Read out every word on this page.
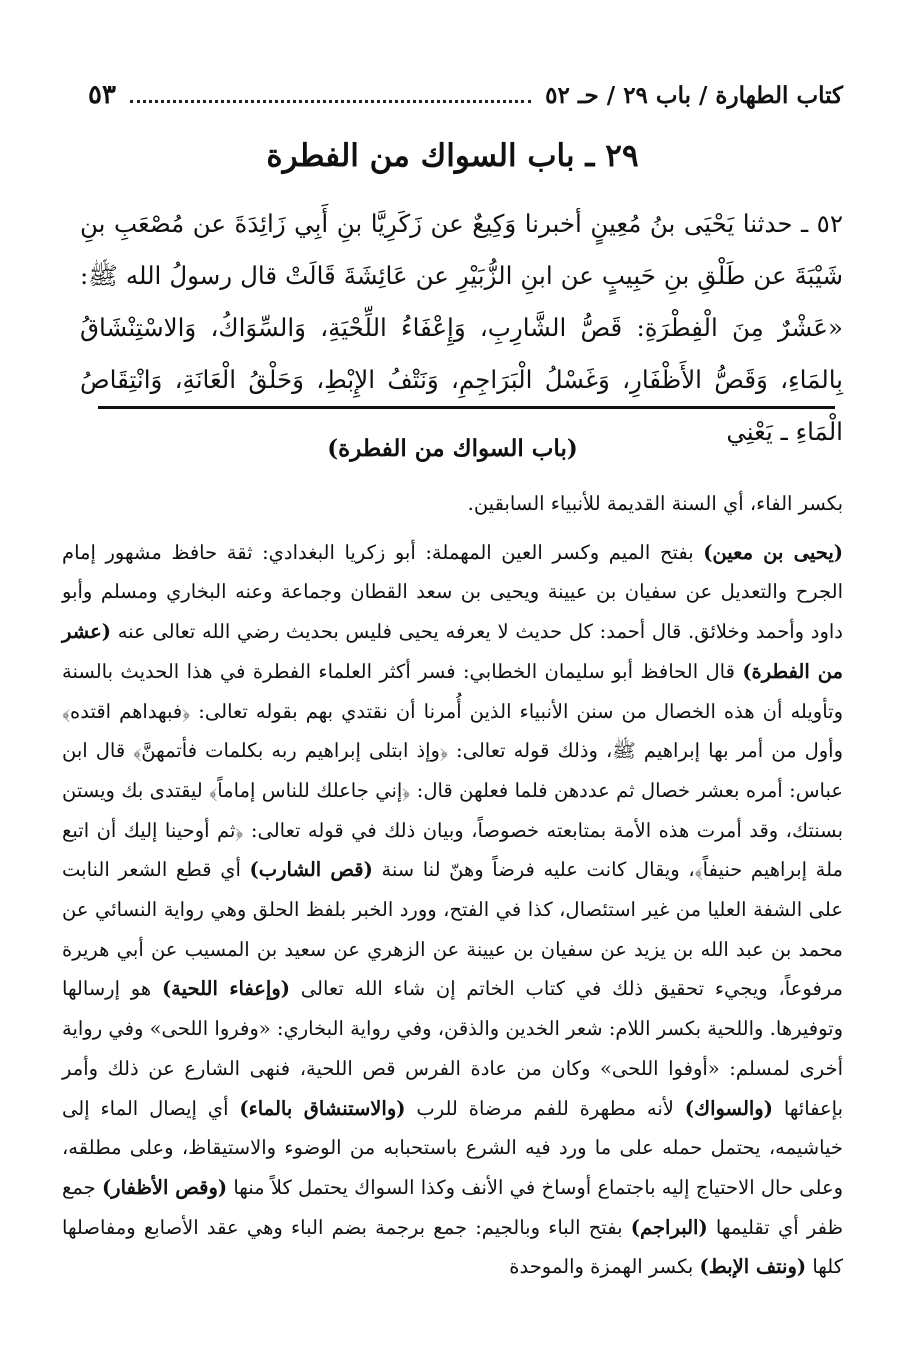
كتاب الطهارة / باب ٢٩ / حـ ٥٢
٥٣
٢٩ ـ باب السواك من الفطرة
٥٢ ـ حدثنا يَحْيَى بنُ مُعِينٍ أخبرنا وَكِيعٌ عن زَكَرِيَّا بنِ أَبِي زَائِدَةَ عن مُصْعَبِ بنِ شَيْبَةَ عن طَلْقِ بنِ حَبِيبٍ عن ابنِ الزُّبَيْرِ عن عَائِشَةَ قَالَتْ قال رسولُ الله ﷺ: «عَشْرٌ مِنَ الْفِطْرَةِ: قَصُّ الشَّارِبِ، وَإِعْفَاءُ اللِّحْيَةِ، وَالسِّوَاكُ، وَالاسْتِنْشَاقُ بِالمَاءِ، وَقَصُّ الأَظْفَارِ، وَغَسْلُ الْبَرَاجِمِ، وَنَتْفُ الإِبْطِ، وَحَلْقُ الْعَانَةِ، وَانْتِقَاصُ الْمَاءِ ـ يَعْنِي
(باب السواك من الفطرة)

بكسر الفاء، أي السنة القديمة للأنبياء السابقين.

(يحيى بن معين) بفتح الميم وكسر العين المهملة: أبو زكريا البغدادي: ثقة حافظ مشهور إمام الجرح والتعديل عن سفيان بن عيينة ويحيى بن سعد القطان وجماعة وعنه البخاري ومسلم وأبو داود وأحمد وخلائق. قال أحمد: كل حديث لا يعرفه يحيى فليس بحديث رضي الله تعالى عنه (عشر من الفطرة) قال الحافظ أبو سليمان الخطابي: فسر أكثر العلماء الفطرة في هذا الحديث بالسنة وتأويله أن هذه الخصال من سنن الأنبياء الذين أُمرنا أن نقتدي بهم بقوله تعالى: ﴿فبهداهم اقتده﴾ وأول من أمر بها إبراهيم ﷺ، وذلك قوله تعالى: ﴿وإذ ابتلى إبراهيم ربه بكلمات فأتمهنَّ﴾ قال ابن عباس: أمره بعشر خصال ثم عددهن فلما فعلهن قال: ﴿إني جاعلك للناس إماماً﴾ ليقتدى بك ويستن بسنتك، وقد أمرت هذه الأمة بمتابعته خصوصاً، وبيان ذلك في قوله تعالى: ﴿ثم أوحينا إليك أن اتبع ملة إبراهيم حنيفاً﴾، ويقال كانت عليه فرضاً وهنّ لنا سنة (قص الشارب) أي قطع الشعر النابت على الشفة العليا من غير استئصال، كذا في الفتح، وورد الخبر بلفظ الحلق وهي رواية النسائي عن محمد بن عبد الله بن يزيد عن سفيان بن عيينة عن الزهري عن سعيد بن المسيب عن أبي هريرة مرفوعاً، ويجيء تحقيق ذلك في كتاب الخاتم إن شاء الله تعالى (وإعفاء اللحية) هو إرسالها وتوفيرها. واللحية بكسر اللام: شعر الخدين والذقن، وفي رواية البخاري: «وفروا اللحى» وفي رواية أخرى لمسلم: «أوفوا اللحى» وكان من عادة الفرس قص اللحية، فنهى الشارع عن ذلك وأمر بإعفائها (والسواك) لأنه مطهرة للفم مرضاة للرب (والاستنشاق بالماء) أي إيصال الماء إلى خياشيمه، يحتمل حمله على ما ورد فيه الشرع باستحبابه من الوضوء والاستيقاظ، وعلى مطلقه، وعلى حال الاحتياج إليه باجتماع أوساخ في الأنف وكذا السواك يحتمل كلاً منها (وقص الأظفار) جمع ظفر أي تقليمها (البراجم) بفتح الباء وبالجيم: جمع برجمة بضم الباء وهي عقد الأصابع ومفاصلها كلها (ونتف الإبط) بكسر الهمزة والموحدة
